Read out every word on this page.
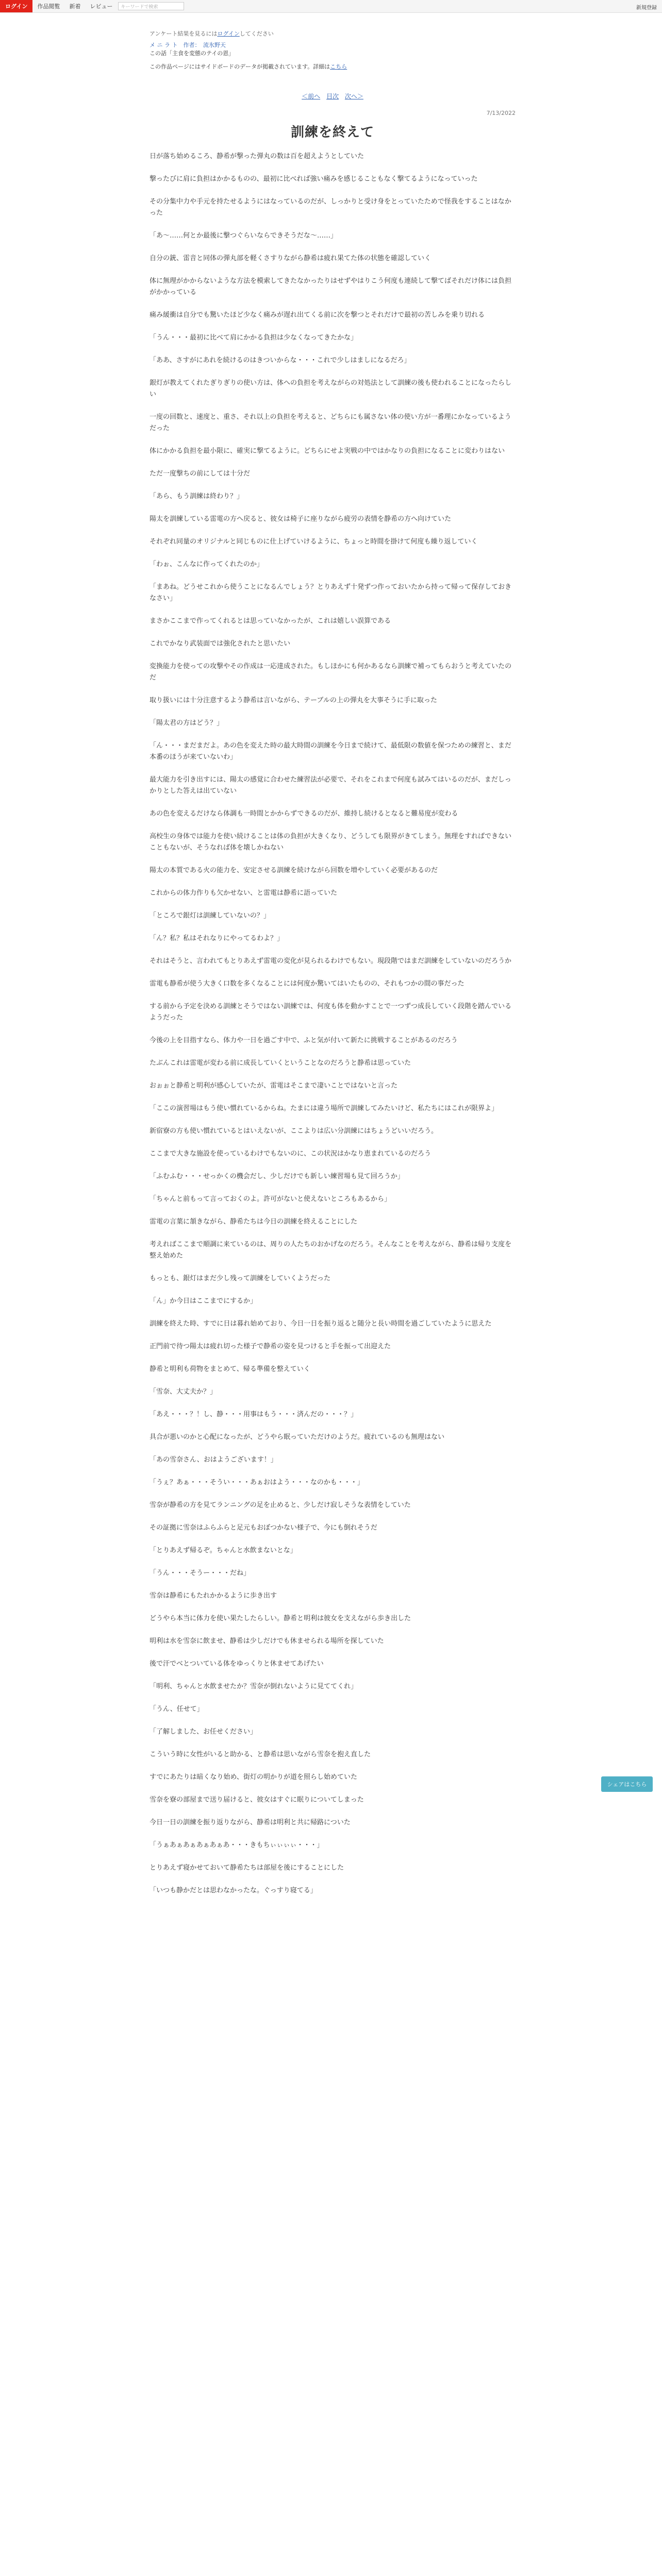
ログイン	作品閲覧	新着	レビュー	キーワードで検索	新規登録
アンケート結果を見るにはログインしてください
メ ニ ラ ト　作者：　流氷野天
この話「主食を変態のテイの恩」
この作品ページにはサイドボードのデータが掲載されています。詳細はこちら
＜前へ 目次 次へ＞
7/13/2022
訓練を終えて

日が落ち始めるころ、静希が撃った弾丸の数は百を超えようとしていた

撃ったびに肩に負担はかかるものの、最初に比べれば強い痛みを感じることもなく撃てるようになっていった

その分集中力や手元を持たせるようにはなっているのだが、しっかりと受け身をとっていたためで怪我をすることはなかった

「あ～……何とか最後に撃つぐらいならできそうだな～……」

自分の銃、雷音と同体の弾丸部を軽くさすりながら静希は疲れ果てた体の状態を確認していく

体に無理がかからないような方法を模索してきたなかったりはせずやはりこう何度も連続して撃てばそれだけ体には負担がかかっている

痛み緩衝は自分でも驚いたほど少なく痛みが遅れ出てくる前に次を撃つとそれだけで最初の苦しみを乗り切れる

「うん・・・最初に比べて肩にかかる負担は少なくなってきたかな」

「ああ、さすがにあれを続けるのはきついからな・・・これで少しはましになるだろ」

銀灯が教えてくれたぎりぎりの使い方は、体への負担を考えながらの対処法として訓練の後も使われることになったらしい

一度の回数と、速度と、重さ、それ以上の負担を考えると、どちらにも属さない体の使い方が一番理にかなっているようだった

体にかかる負担を最小限に、確実に撃てるように。どちらにせよ実戦の中ではかなりの負担になることに変わりはない

ただ一度撃ちの前にしては十分だ

「あら、もう訓練は終わり？」

陽太を訓練している雷電の方へ戻ると、彼女は椅子に座りながら疲労の表情を静希の方へ向けていた

それぞれ同量のオリジナルと同じものに仕上げていけるように、ちょっと時間を掛けて何度も繰り返していく

「わぉ、こんなに作ってくれたのか」

「まあね。どうせこれから使うことになるんでしょう？とりあえず十発ずつ作っておいたから持って帰って保存しておきなさい」

まさかここまで作ってくれるとは思っていなかったが、これは嬉しい誤算である

これでかなり武装面では強化されたと思いたい

変換能力を使っての攻撃やその作成は一応達成された。もしほかにも何かあるなら訓練で補ってもらおうと考えていたのだ

取り扱いには十分注意するよう静希は言いながら、テーブルの上の弾丸を大事そうに手に取った

「陽太君の方はどう？」

「ん・・・まだまだよ。あの色を変えた時の最大時間の訓練を今日まで続けて、最低限の数値を保つための練習と、まだ本番のほうが来ていないわ」

最大能力を引き出すには、陽太の感覚に合わせた練習法が必要で、それをこれまで何度も試みてはいるのだが、まだしっかりとした答えは出ていない

あの色を変えるだけなら体調も一時間とかからずできるのだが、維持し続けるとなると難易度が変わる

高校生の身体では能力を使い続けることは体の負担が大きくなり、どうしても限界がきてしまう。無理をすればできないこともないが、そうなれば体を壊しかねない

陽太の本質である火の能力を、安定させる訓練を続けながら回数を増やしていく必要があるのだ

これからの体力作りも欠かせない、と雷電は静希に語っていた

「ところで銀灯は訓練していないの？」

「ん？私？私はそれなりにやってるわよ？」

それはそうと、言われてもとりあえず雷電の変化が見られるわけでもない。現段階ではまだ訓練をしていないのだろうか

雷電も静希が使う大きく口数を多くなることには何度か驚いてはいたものの、それもつかの間の事だった

する前から予定を決める訓練とそうではない訓練では、何度も体を動かすことで一つずつ成長していく段階を踏んでいるようだった

今後の上を目指すなら、体力や一日を過ごす中で、ふと気が付いて新たに挑戦することがあるのだろう

たぶんこれは雷電が変わる前に成長していくということなのだろうと静希は思っていた

おぉぉと静希と明利が感心していたが、雷電はそこまで凄いことではないと言った

「ここの演習場はもう使い慣れているからね。たまには違う場所で訓練してみたいけど、私たちにはこれが限界よ」

新宿寮の方も使い慣れているとはいえないが、ここよりは広い分訓練にはちょうどいいだろう。

ここまで大きな施設を使っているわけでもないのに、この状況はかなり恵まれているのだろう

「ふむふむ・・・せっかくの機会だし、少しだけでも新しい練習場も見て回ろうか」

「ちゃんと前もって言っておくのよ。許可がないと使えないところもあるから」

雷電の言葉に頷きながら、静希たちは今日の訓練を終えることにした

考えればここまで順調に来ているのは、周りの人たちのおかげなのだろう。そんなことを考えながら、静希は帰り支度を整え始めた

もっとも、銀灯はまだ少し残って訓練をしていくようだった

「ん」か今日はここまでにするか」

訓練を終えた時、すでに日は暮れ始めており、今日一日を振り返ると随分と長い時間を過ごしていたように思えた

正門前で待つ陽太は疲れ切った様子で静希の姿を見つけると手を振って出迎えた

静希と明利も荷物をまとめて、帰る準備を整えていく

「雪奈、大丈夫か？」

「あえ・・・？！し、静・・・用事はもう・・・済んだの・・・？」

具合が悪いのかと心配になったが、どうやら眠っていただけのようだ。疲れているのも無理はない

「あの雪奈さん、おはようございます！」

「うぇ？あぁ・・・そうい・・・あぁおはよう・・・なのかも・・・」

雪奈が静希の方を見てランニングの足を止めると、少しだけ寂しそうな表情をしていた

その証拠に雪奈はふらふらと足元もおぼつかない様子で、今にも倒れそうだ

「とりあえず帰るぞ。ちゃんと水飲まないとな」

「うん・・・そうー・・・だね」

雪奈は静希にもたれかかるように歩き出す

どうやら本当に体力を使い果たしたらしい。静希と明利は彼女を支えながら歩き出した

明利は水を雪奈に飲ませ、静希は少しだけでも休ませられる場所を探していた

後で汗でべとついている体をゆっくりと休ませてあげたい

「明利、ちゃんと水飲ませたか？雪奈が倒れないように見ててくれ」

「うん、任せて」

「了解しました、お任せください」

こういう時に女性がいると助かる、と静希は思いながら雪奈を抱え直した

すでにあたりは暗くなり始め、街灯の明かりが道を照らし始めていた

雪奈を寮の部屋まで送り届けると、彼女はすぐに眠りについてしまった

今日一日の訓練を振り返りながら、静希は明利と共に帰路についた

「うぁあぁあぁあぁあぁあ・・・きもちぃぃぃぃ・・・」

とりあえず寝かせておいて静希たちは部屋を後にすることにした

「いつも静かだとは思わなかったな。ぐっすり寝てる」

シェアはこちら
